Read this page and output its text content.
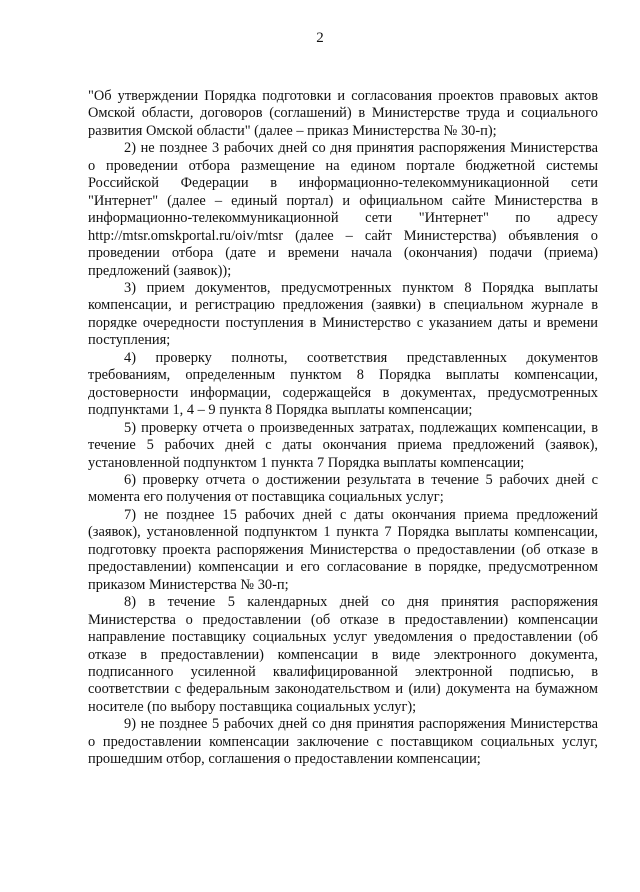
2

"Об утверждении Порядка подготовки и согласования проектов правовых актов Омской области, договоров (соглашений) в Министерстве труда и социального развития Омской области" (далее – приказ Министерства № 30-п);

2) не позднее 3 рабочих дней со дня принятия распоряжения Министерства о проведении отбора размещение на едином портале бюджетной системы Российской Федерации в информационно-телекоммуникационной сети "Интернет" (далее – единый портал) и официальном сайте Министерства в информационно-телекоммуникационной сети "Интернет" по адресу http://mtsr.omskportal.ru/oiv/mtsr (далее – сайт Министерства) объявления о проведении отбора (дате и времени начала (окончания) подачи (приема) предложений (заявок));

3) прием документов, предусмотренных пунктом 8 Порядка выплаты компенсации, и регистрацию предложения (заявки) в специальном журнале в порядке очередности поступления в Министерство с указанием даты и времени поступления;

4) проверку полноты, соответствия представленных документов требованиям, определенным пунктом 8 Порядка выплаты компенсации, достоверности информации, содержащейся в документах, предусмотренных подпунктами 1, 4 – 9 пункта 8 Порядка выплаты компенсации;

5) проверку отчета о произведенных затратах, подлежащих компенсации, в течение 5 рабочих дней с даты окончания приема предложений (заявок), установленной подпунктом 1 пункта 7 Порядка выплаты компенсации;

6) проверку отчета о достижении результата в течение 5 рабочих дней с момента его получения от поставщика социальных услуг;

7) не позднее 15 рабочих дней с даты окончания приема предложений (заявок), установленной подпунктом 1 пункта 7 Порядка выплаты компенсации, подготовку проекта распоряжения Министерства о предоставлении (об отказе в предоставлении) компенсации и его согласование в порядке, предусмотренном приказом Министерства № 30-п;

8) в течение 5 календарных дней со дня принятия распоряжения Министерства о предоставлении (об отказе в предоставлении) компенсации направление поставщику социальных услуг уведомления о предоставлении (об отказе в предоставлении) компенсации в виде электронного документа, подписанного усиленной квалифицированной электронной подписью, в соответствии с федеральным законодательством и (или) документа на бумажном носителе (по выбору поставщика социальных услуг);

9) не позднее 5 рабочих дней со дня принятия распоряжения Министерства о предоставлении компенсации заключение с поставщиком социальных услуг, прошедшим отбор, соглашения о предоставлении компенсации;
